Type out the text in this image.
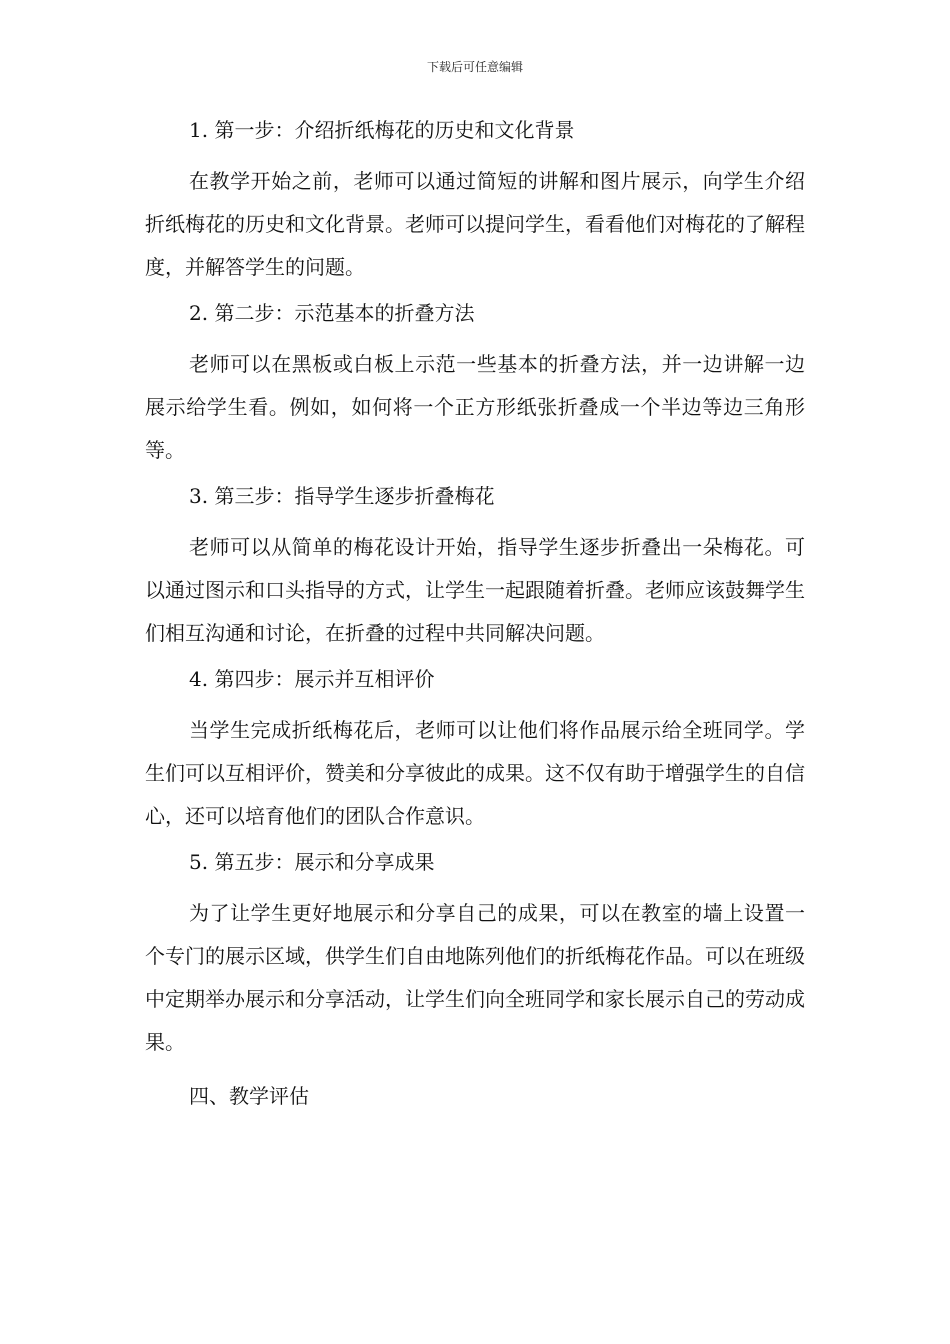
下载后可任意编辑

1. 第一步：介绍折纸梅花的历史和文化背景

在教学开始之前，老师可以通过简短的讲解和图片展示，向学生介绍折纸梅花的历史和文化背景。老师可以提问学生，看看他们对梅花的了解程度，并解答学生的问题。

2. 第二步：示范基本的折叠方法

老师可以在黑板或白板上示范一些基本的折叠方法，并一边讲解一边展示给学生看。例如，如何将一个正方形纸张折叠成一个半边等边三角形等。

3. 第三步：指导学生逐步折叠梅花

老师可以从简单的梅花设计开始，指导学生逐步折叠出一朵梅花。可以通过图示和口头指导的方式，让学生一起跟随着折叠。老师应该鼓舞学生们相互沟通和讨论，在折叠的过程中共同解决问题。

4. 第四步：展示并互相评价

当学生完成折纸梅花后，老师可以让他们将作品展示给全班同学。学生们可以互相评价，赞美和分享彼此的成果。这不仅有助于增强学生的自信心，还可以培育他们的团队合作意识。

5. 第五步：展示和分享成果

为了让学生更好地展示和分享自己的成果，可以在教室的墙上设置一个专门的展示区域，供学生们自由地陈列他们的折纸梅花作品。可以在班级中定期举办展示和分享活动，让学生们向全班同学和家长展示自己的劳动成果。

四、教学评估
